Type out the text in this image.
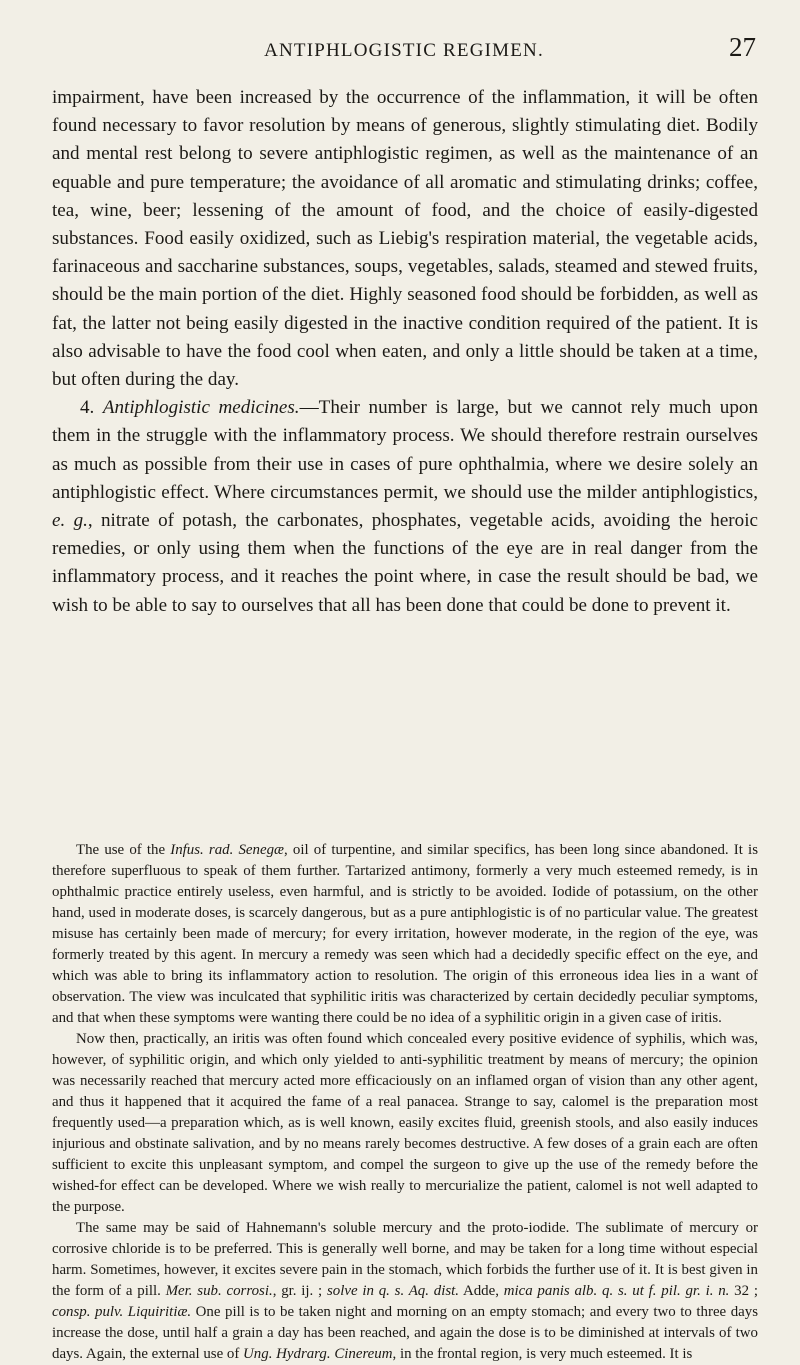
ANTIPHLOGISTIC REGIMEN.	27

impairment, have been increased by the occurrence of the inflammation, it will be often found necessary to favor resolution by means of generous, slightly stimulating diet. Bodily and mental rest belong to severe antiphlogistic regimen, as well as the maintenance of an equable and pure temperature; the avoidance of all aromatic and stimulating drinks; coffee, tea, wine, beer; lessening of the amount of food, and the choice of easily-digested substances. Food easily oxidized, such as Liebig's respiration material, the vegetable acids, farinaceous and saccharine substances, soups, vegetables, salads, steamed and stewed fruits, should be the main portion of the diet. Highly seasoned food should be forbidden, as well as fat, the latter not being easily digested in the inactive condition required of the patient. It is also advisable to have the food cool when eaten, and only a little should be taken at a time, but often during the day.

4. Antiphlogistic medicines.—Their number is large, but we cannot rely much upon them in the struggle with the inflammatory process. We should therefore restrain ourselves as much as possible from their use in cases of pure ophthalmia, where we desire solely an antiphlogistic effect. Where circumstances permit, we should use the milder antiphlogistics, e. g., nitrate of potash, the carbonates, phosphates, vegetable acids, avoiding the heroic remedies, or only using them when the functions of the eye are in real danger from the inflammatory process, and it reaches the point where, in case the result should be bad, we wish to be able to say to ourselves that all has been done that could be done to prevent it.

The use of the Infus. rad. Senegæ, oil of turpentine, and similar specifics, has been long since abandoned. It is therefore superfluous to speak of them further. Tartarized antimony, formerly a very much esteemed remedy, is in ophthalmic practice entirely useless, even harmful, and is strictly to be avoided. Iodide of potassium, on the other hand, used in moderate doses, is scarcely dangerous, but as a pure antiphlogistic is of no particular value. The greatest misuse has certainly been made of mercury; for every irritation, however moderate, in the region of the eye, was formerly treated by this agent. In mercury a remedy was seen which had a decidedly specific effect on the eye, and which was able to bring its inflammatory action to resolution. The origin of this erroneous idea lies in a want of observation. The view was inculcated that syphilitic iritis was characterized by certain decidedly peculiar symptoms, and that when these symptoms were wanting there could be no idea of a syphilitic origin in a given case of iritis.

Now then, practically, an iritis was often found which concealed every positive evidence of syphilis, which was, however, of syphilitic origin, and which only yielded to anti-syphilitic treatment by means of mercury; the opinion was necessarily reached that mercury acted more efficaciously on an inflamed organ of vision than any other agent, and thus it happened that it acquired the fame of a real panacea. Strange to say, calomel is the preparation most frequently used—a preparation which, as is well known, easily excites fluid, greenish stools, and also easily induces injurious and obstinate salivation, and by no means rarely becomes destructive. A few doses of a grain each are often sufficient to excite this unpleasant symptom, and compel the surgeon to give up the use of the remedy before the wished-for effect can be developed. Where we wish really to mercurialize the patient, calomel is not well adapted to the purpose.

The same may be said of Hahnemann's soluble mercury and the proto-iodide. The sublimate of mercury or corrosive chloride is to be preferred. This is generally well borne, and may be taken for a long time without especial harm. Sometimes, however, it excites severe pain in the stomach, which forbids the further use of it. It is best given in the form of a pill. Mer. sub. corrosi., gr. ij. ; solve in q. s. Aq. dist. Adde, mica panis alb. q. s. ut f. pil. gr. i. n. 32 ; consp. pulv. Liquiritiæ. One pill is to be taken night and morning on an empty stomach; and every two to three days increase the dose, until half a grain a day has been reached, and again the dose is to be diminished at intervals of two days. Again, the external use of Ung. Hydrarg. Cinereum, in the frontal region, is very much esteemed. It is
